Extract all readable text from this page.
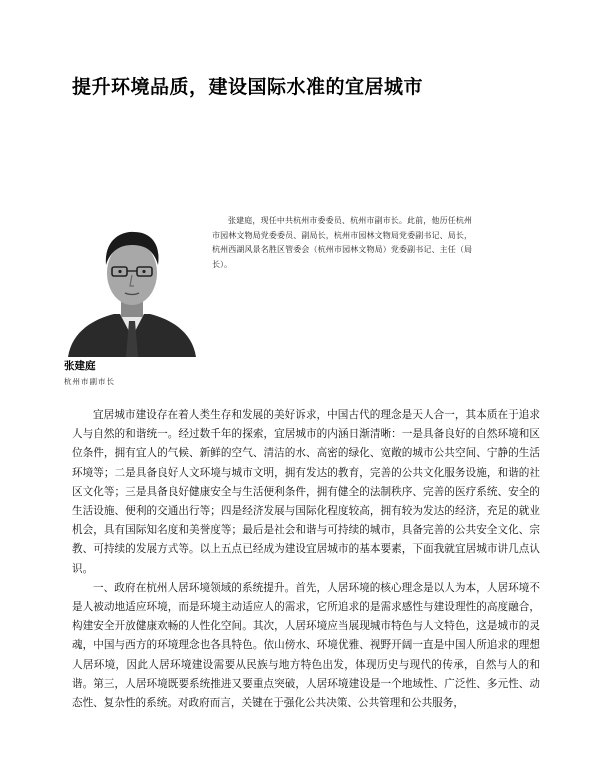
提升环境品质，建设国际水准的宜居城市
张建庭，现任中共杭州市委委员、杭州市副市长。此前，他历任杭州市园林文物局党委委员、副局长，杭州市园林文物局党委副书记、局长，杭州西湖风景名胜区管委会（杭州市园林文物局）党委副书记、主任（局长）。
张建庭
杭州市副市长

宜居城市建设存在着人类生存和发展的美好诉求，中国古代的理念是天人合一，其本质在于追求人与自然的和谐统一。经过数千年的探索，宜居城市的内涵日渐清晰：一是具备良好的自然环境和区位条件，拥有宜人的气候、新鲜的空气、清洁的水、高密的绿化、宽敞的城市公共空间、宁静的生活环境等；二是具备良好人文环境与城市文明，拥有发达的教育，完善的公共文化服务设施，和谐的社区文化等；三是具备良好健康安全与生活便利条件，拥有健全的法制秩序、完善的医疗系统、安全的生活设施、便利的交通出行等；四是经济发展与国际化程度较高，拥有较为发达的经济，充足的就业机会，具有国际知名度和美誉度等；最后是社会和谐与可持续的城市，具备完善的公共安全文化、宗教、可持续的发展方式等。以上五点已经成为建设宜居城市的基本要素，下面我就宜居城市讲几点认识。

一、政府在杭州人居环境领域的系统提升。首先，人居环境的核心理念是以人为本，人居环境不是人被动地适应环境，而是环境主动适应人的需求，它所追求的是需求感性与建设理性的高度融合，构建安全开放健康欢畅的人性化空间。其次，人居环境应当展现城市特色与人文特色，这是城市的灵魂，中国与西方的环境理念也各具特色。依山傍水、环境优雅、视野开阔一直是中国人所追求的理想人居环境，因此人居环境建设需要从民族与地方特色出发，体现历史与现代的传承，自然与人的和谐。第三，人居环境既要系统推进又要重点突破，人居环境建设是一个地域性、广泛性、多元性、动态性、复杂性的系统。对政府而言，关键在于强化公共决策、公共管理和公共服务，
